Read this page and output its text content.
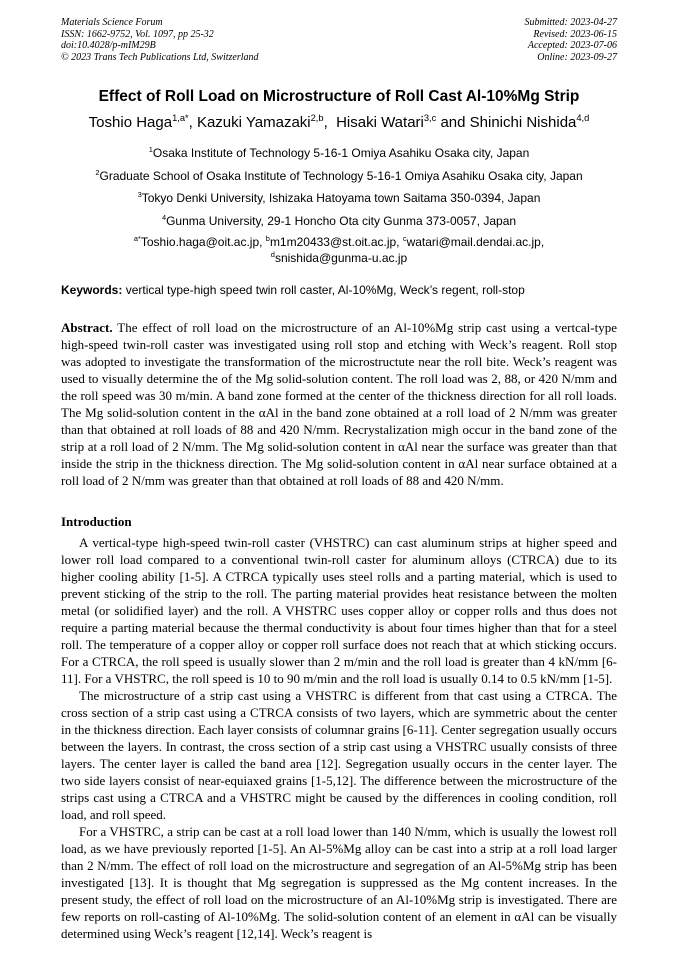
Materials Science Forum
ISSN: 1662-9752, Vol. 1097, pp 25-32
doi:10.4028/p-mIM29B
© 2023 Trans Tech Publications Ltd, Switzerland
Submitted: 2023-04-27
Revised: 2023-06-15
Accepted: 2023-07-06
Online: 2023-09-27
Effect of Roll Load on Microstructure of Roll Cast Al-10%Mg Strip
Toshio Haga$^{1,a*}$, Kazuki Yamazaki$^{2,b}$,  Hisaki Watari$^{3,c}$ and Shinichi Nishida$^{4,d}$
$^1$Osaka Institute of Technology 5-16-1 Omiya Asahiku Osaka city, Japan
$^2$Graduate School of Osaka Institute of Technology 5-16-1 Omiya Asahiku Osaka city, Japan
$^3$Tokyo Denki University, Ishizaka Hatoyama town Saitama 350-0394, Japan
$^4$Gunma University, 29-1 Honcho Ota city Gunma 373-0057, Japan
$^{a*}$Toshio.haga@oit.ac.jp, $^b$m1m20433@st.oit.ac.jp, $^c$watari@mail.dendai.ac.jp,
$^d$snishida@gunma-u.ac.jp
Keywords: vertical type-high speed twin roll caster, Al-10%Mg, Weck’s regent, roll-stop

Abstract. The effect of roll load on the microstructure of an Al-10%Mg strip cast using a vertcal-type high-speed twin-roll caster was investigated using roll stop and etching with Weck’s reagent. Roll stop was adopted to investigate the transformation of the microstructute near the roll bite. Weck’s reagent was used to visually determine the of the Mg solid-solution content. The roll load was 2, 88, or 420 N/mm and the roll speed was 30 m/min. A band zone formed at the center of the thickness direction for all roll loads. The Mg solid-solution content in the αAl in the band zone obtained at a roll load of 2 N/mm was greater than that obtained at roll loads of 88 and 420 N/mm. Recrystalization migh occur in the band zone of the strip at a roll load of 2 N/mm. The Mg solid-solution content in αAl near the surface was greater than that inside the strip in the thickness direction. The Mg solid-solution content in αAl near surface obtained at a roll load of 2 N/mm was greater than that obtained at roll loads of 88 and 420 N/mm.

Introduction

A vertical-type high-speed twin-roll caster (VHSTRC) can cast aluminum strips at higher speed and lower roll load compared to a conventional twin-roll caster for aluminum alloys (CTRCA) due to its higher cooling ability [1-5]. A CTRCA typically uses steel rolls and a parting material, which is used to prevent sticking of the strip to the roll. The parting material provides heat resistance between the molten metal (or solidified layer) and the roll. A VHSTRC uses copper alloy or copper rolls and thus does not require a parting material because the thermal conductivity is about four times higher than that for a steel roll. The temperature of a copper alloy or copper roll surface does not reach that at which sticking occurs. For a CTRCA, the roll speed is usually slower than 2 m/min and the roll load is greater than 4 kN/mm [6-11]. For a VHSTRC, the roll speed is 10 to 90 m/min and the roll load is usually 0.14 to 0.5 kN/mm [1-5].

The microstructure of a strip cast using a VHSTRC is different from that cast using a CTRCA. The cross section of a strip cast using a CTRCA consists of two layers, which are symmetric about the center in the thickness direction. Each layer consists of columnar grains [6-11]. Center segregation usually occurs between the layers. In contrast, the cross section of a strip cast using a VHSTRC usually consists of three layers. The center layer is called the band area [12]. Segregation usually occurs in the center layer. The two side layers consist of near-equiaxed grains [1-5,12]. The difference between the microstructure of the strips cast using a CTRCA and a VHSTRC might be caused by the differences in cooling condition, roll load, and roll speed.

For a VHSTRC, a strip can be cast at a roll load lower than 140 N/mm, which is usually the lowest roll load, as we have previously reported [1-5]. An Al-5%Mg alloy can be cast into a strip at a roll load larger than 2 N/mm. The effect of roll load on the microstructure and segregation of an Al-5%Mg strip has been investigated [13]. It is thought that Mg segregation is suppressed as the Mg content increases. In the present study, the effect of roll load on the microstructure of an Al-10%Mg strip is investigated. There are few reports on roll-casting of Al-10%Mg. The solid-solution content of an element in αAl can be visually determined using Weck’s reagent [12,14]. Weck’s reagent is
